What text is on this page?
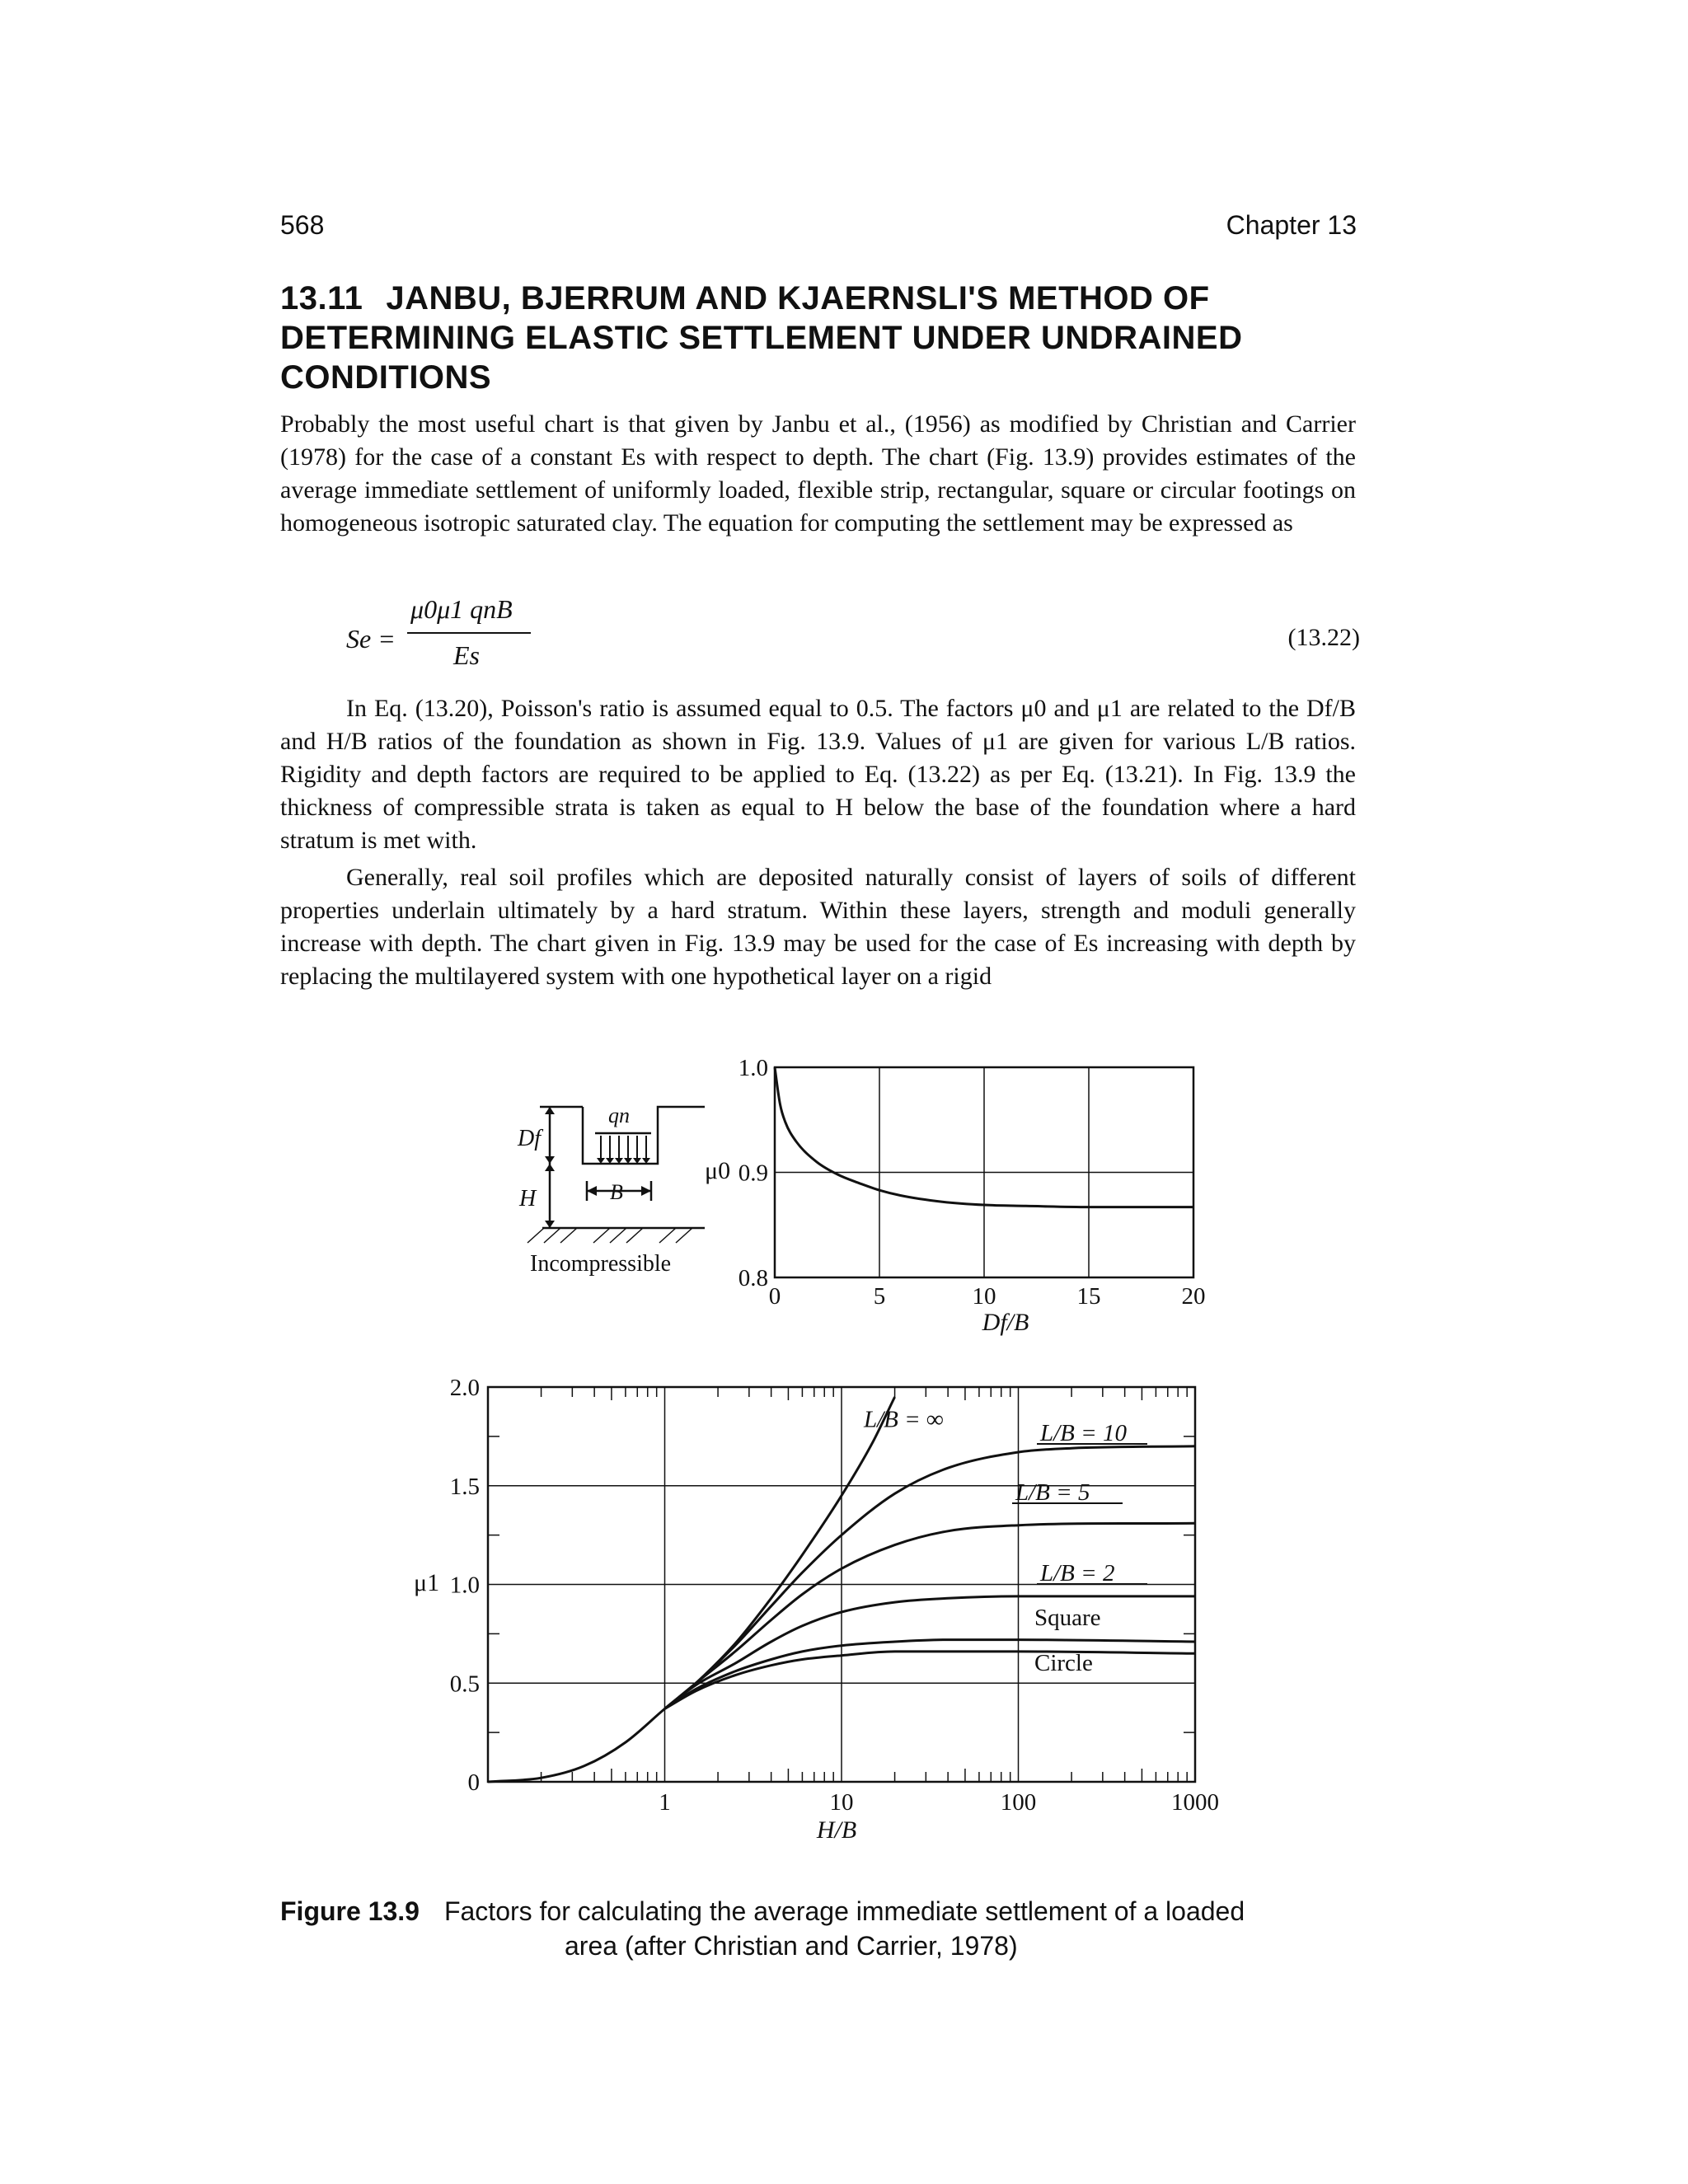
568	Chapter 13
13.11 JANBU, BJERRUM AND KJAERNSLI'S METHOD OF DETERMINING ELASTIC SETTLEMENT UNDER UNDRAINED CONDITIONS

Probably the most useful chart is that given by Janbu et al., (1956) as modified by Christian and Carrier (1978) for the case of a constant Es with respect to depth. The chart (Fig. 13.9) provides estimates of the average immediate settlement of uniformly loaded, flexible strip, rectangular, square or circular footings on homogeneous isotropic saturated clay. The equation for computing the settlement may be expressed as

Se =
μ0μ1 qnB
Es
(13.22)

In Eq. (13.20), Poisson's ratio is assumed equal to 0.5. The factors μ0 and μ1 are related to the Df/B and H/B ratios of the foundation as shown in Fig. 13.9. Values of μ1 are given for various L/B ratios. Rigidity and depth factors are required to be applied to Eq. (13.22) as per Eq. (13.21). In Fig. 13.9 the thickness of compressible strata is taken as equal to H below the base of the foundation where a hard stratum is met with.

Generally, real soil profiles which are deposited naturally consist of layers of soils of different properties underlain ultimately by a hard stratum. Within these layers, strength and moduli generally increase with depth. The chart given in Fig. 13.9 may be used for the case of Es increasing with depth by replacing the multilayered system with one hypothetical layer on a rigid

qn
Df
H	B
Incompressible
0	5	10	15	20
1.0
0.9
0.8
μ0
Df/B
1	10	100	1000
2.0
1.5
1.0
0.5
0
L/B = ∞
L/B = 10
L/B = 5
L/B = 2
Square
Circle
μ1
H/B
Figure 13.9 Factors for calculating the average immediate settlement of a loaded
area (after Christian and Carrier, 1978)
